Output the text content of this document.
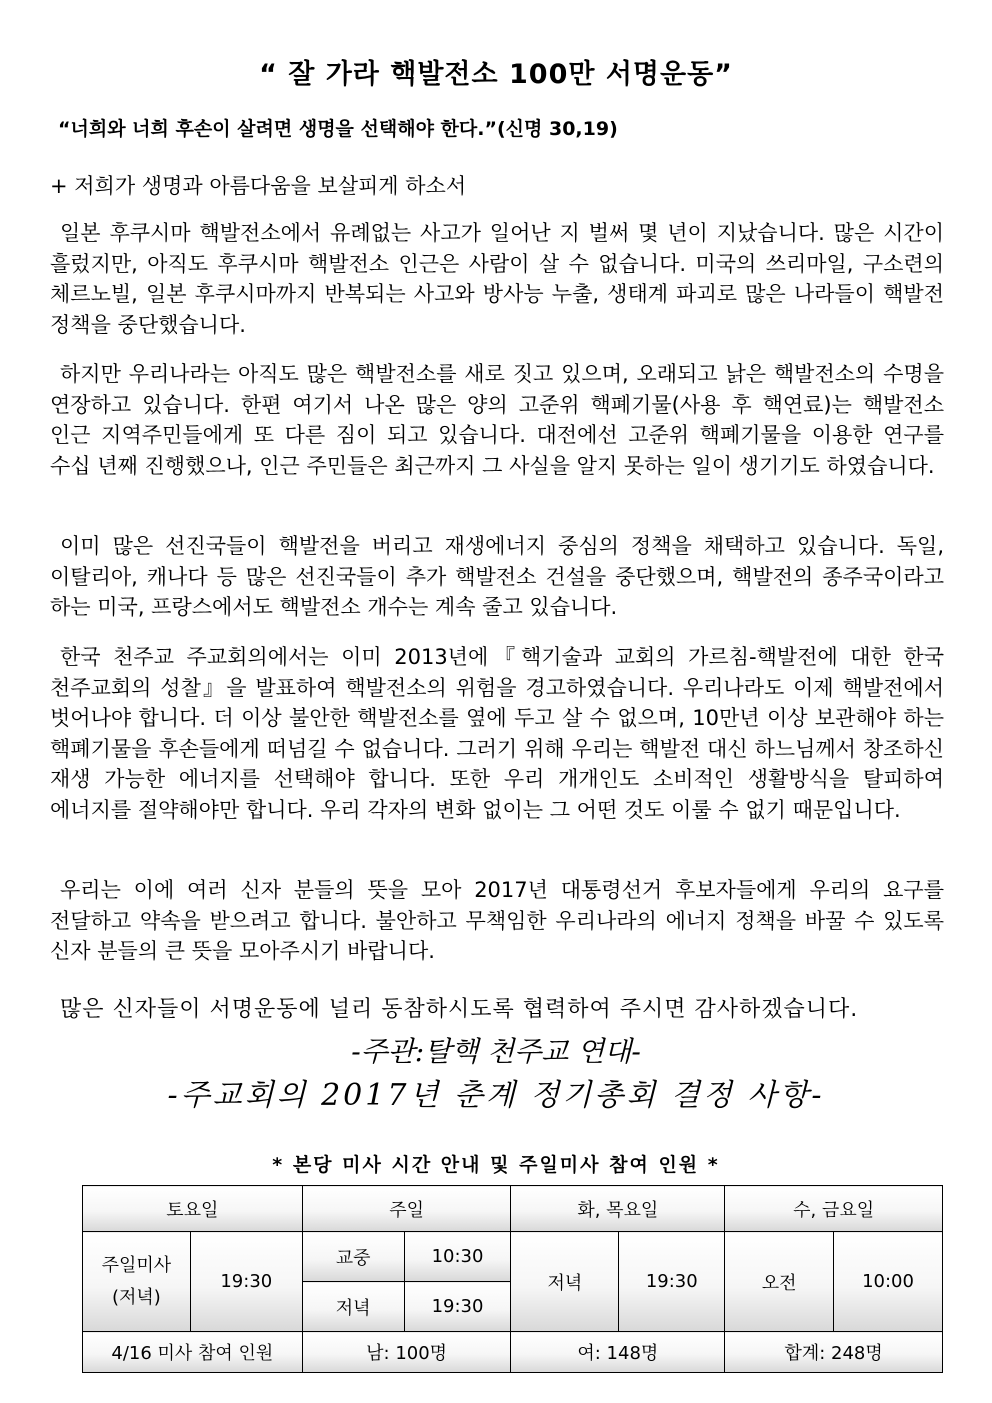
“ 잘 가라 핵발전소 100만 서명운동”
“너희와 너희 후손이 살려면 생명을 선택해야 한다.”(신명 30,19)
+ 저희가 생명과 아름다움을 보살피게 하소서

일본 후쿠시마 핵발전소에서 유례없는 사고가 일어난 지 벌써 몇 년이 지났습니다. 많은 시간이 흘렀지만, 아직도 후쿠시마 핵발전소 인근은 사람이 살 수 없습니다. 미국의 쓰리마일, 구소련의 체르노빌, 일본 후쿠시마까지 반복되는 사고와 방사능 누출, 생태계 파괴로 많은 나라들이 핵발전 정책을 중단했습니다.

하지만 우리나라는 아직도 많은 핵발전소를 새로 짓고 있으며, 오래되고 낡은 핵발전소의 수명을 연장하고 있습니다. 한편 여기서 나온 많은 양의 고준위 핵폐기물(사용 후 핵연료)는 핵발전소 인근 지역주민들에게 또 다른 짐이 되고 있습니다. 대전에선 고준위 핵폐기물을 이용한 연구를 수십 년째 진행했으나, 인근 주민들은 최근까지 그 사실을 알지 못하는 일이 생기기도 하였습니다.

이미 많은 선진국들이 핵발전을 버리고 재생에너지 중심의 정책을 채택하고 있습니다. 독일, 이탈리아, 캐나다 등 많은 선진국들이 추가 핵발전소 건설을 중단했으며, 핵발전의 종주국이라고 하는 미국, 프랑스에서도 핵발전소 개수는 계속 줄고 있습니다.

한국 천주교 주교회의에서는 이미 2013년에『핵기술과 교회의 가르침-핵발전에 대한 한국 천주교회의 성찰』을 발표하여 핵발전소의 위험을 경고하였습니다. 우리나라도 이제 핵발전에서 벗어나야 합니다. 더 이상 불안한 핵발전소를 옆에 두고 살 수 없으며, 10만년 이상 보관해야 하는 핵폐기물을 후손들에게 떠넘길 수 없습니다. 그러기 위해 우리는 핵발전 대신 하느님께서 창조하신 재생 가능한 에너지를 선택해야 합니다. 또한 우리 개개인도 소비적인 생활방식을 탈피하여 에너지를 절약해야만 합니다. 우리 각자의 변화 없이는 그 어떤 것도 이룰 수 없기 때문입니다.

우리는 이에 여러 신자 분들의 뜻을 모아 2017년 대통령선거 후보자들에게 우리의 요구를 전달하고 약속을 받으려고 합니다. 불안하고 무책임한 우리나라의 에너지 정책을 바꿀 수 있도록 신자 분들의 큰 뜻을 모아주시기 바랍니다.

많은 신자들이 서명운동에 널리 동참하시도록 협력하여 주시면 감사하겠습니다.
-주관:탈핵 천주교 연대-
-주교회의 2017년 춘계 정기총회 결정 사항-
* 본당 미사 시간 안내 및 주일미사 참여 인원 *
토요일		주일		화, 목요일		수, 금요일	
주일미사
(저녁)	19:30	교중	10:30	저녁	19:30	오전	10:00
		저녁	19:30				
4/16 미사 참여 인원		남: 100명		여: 148명		합계: 248명	
